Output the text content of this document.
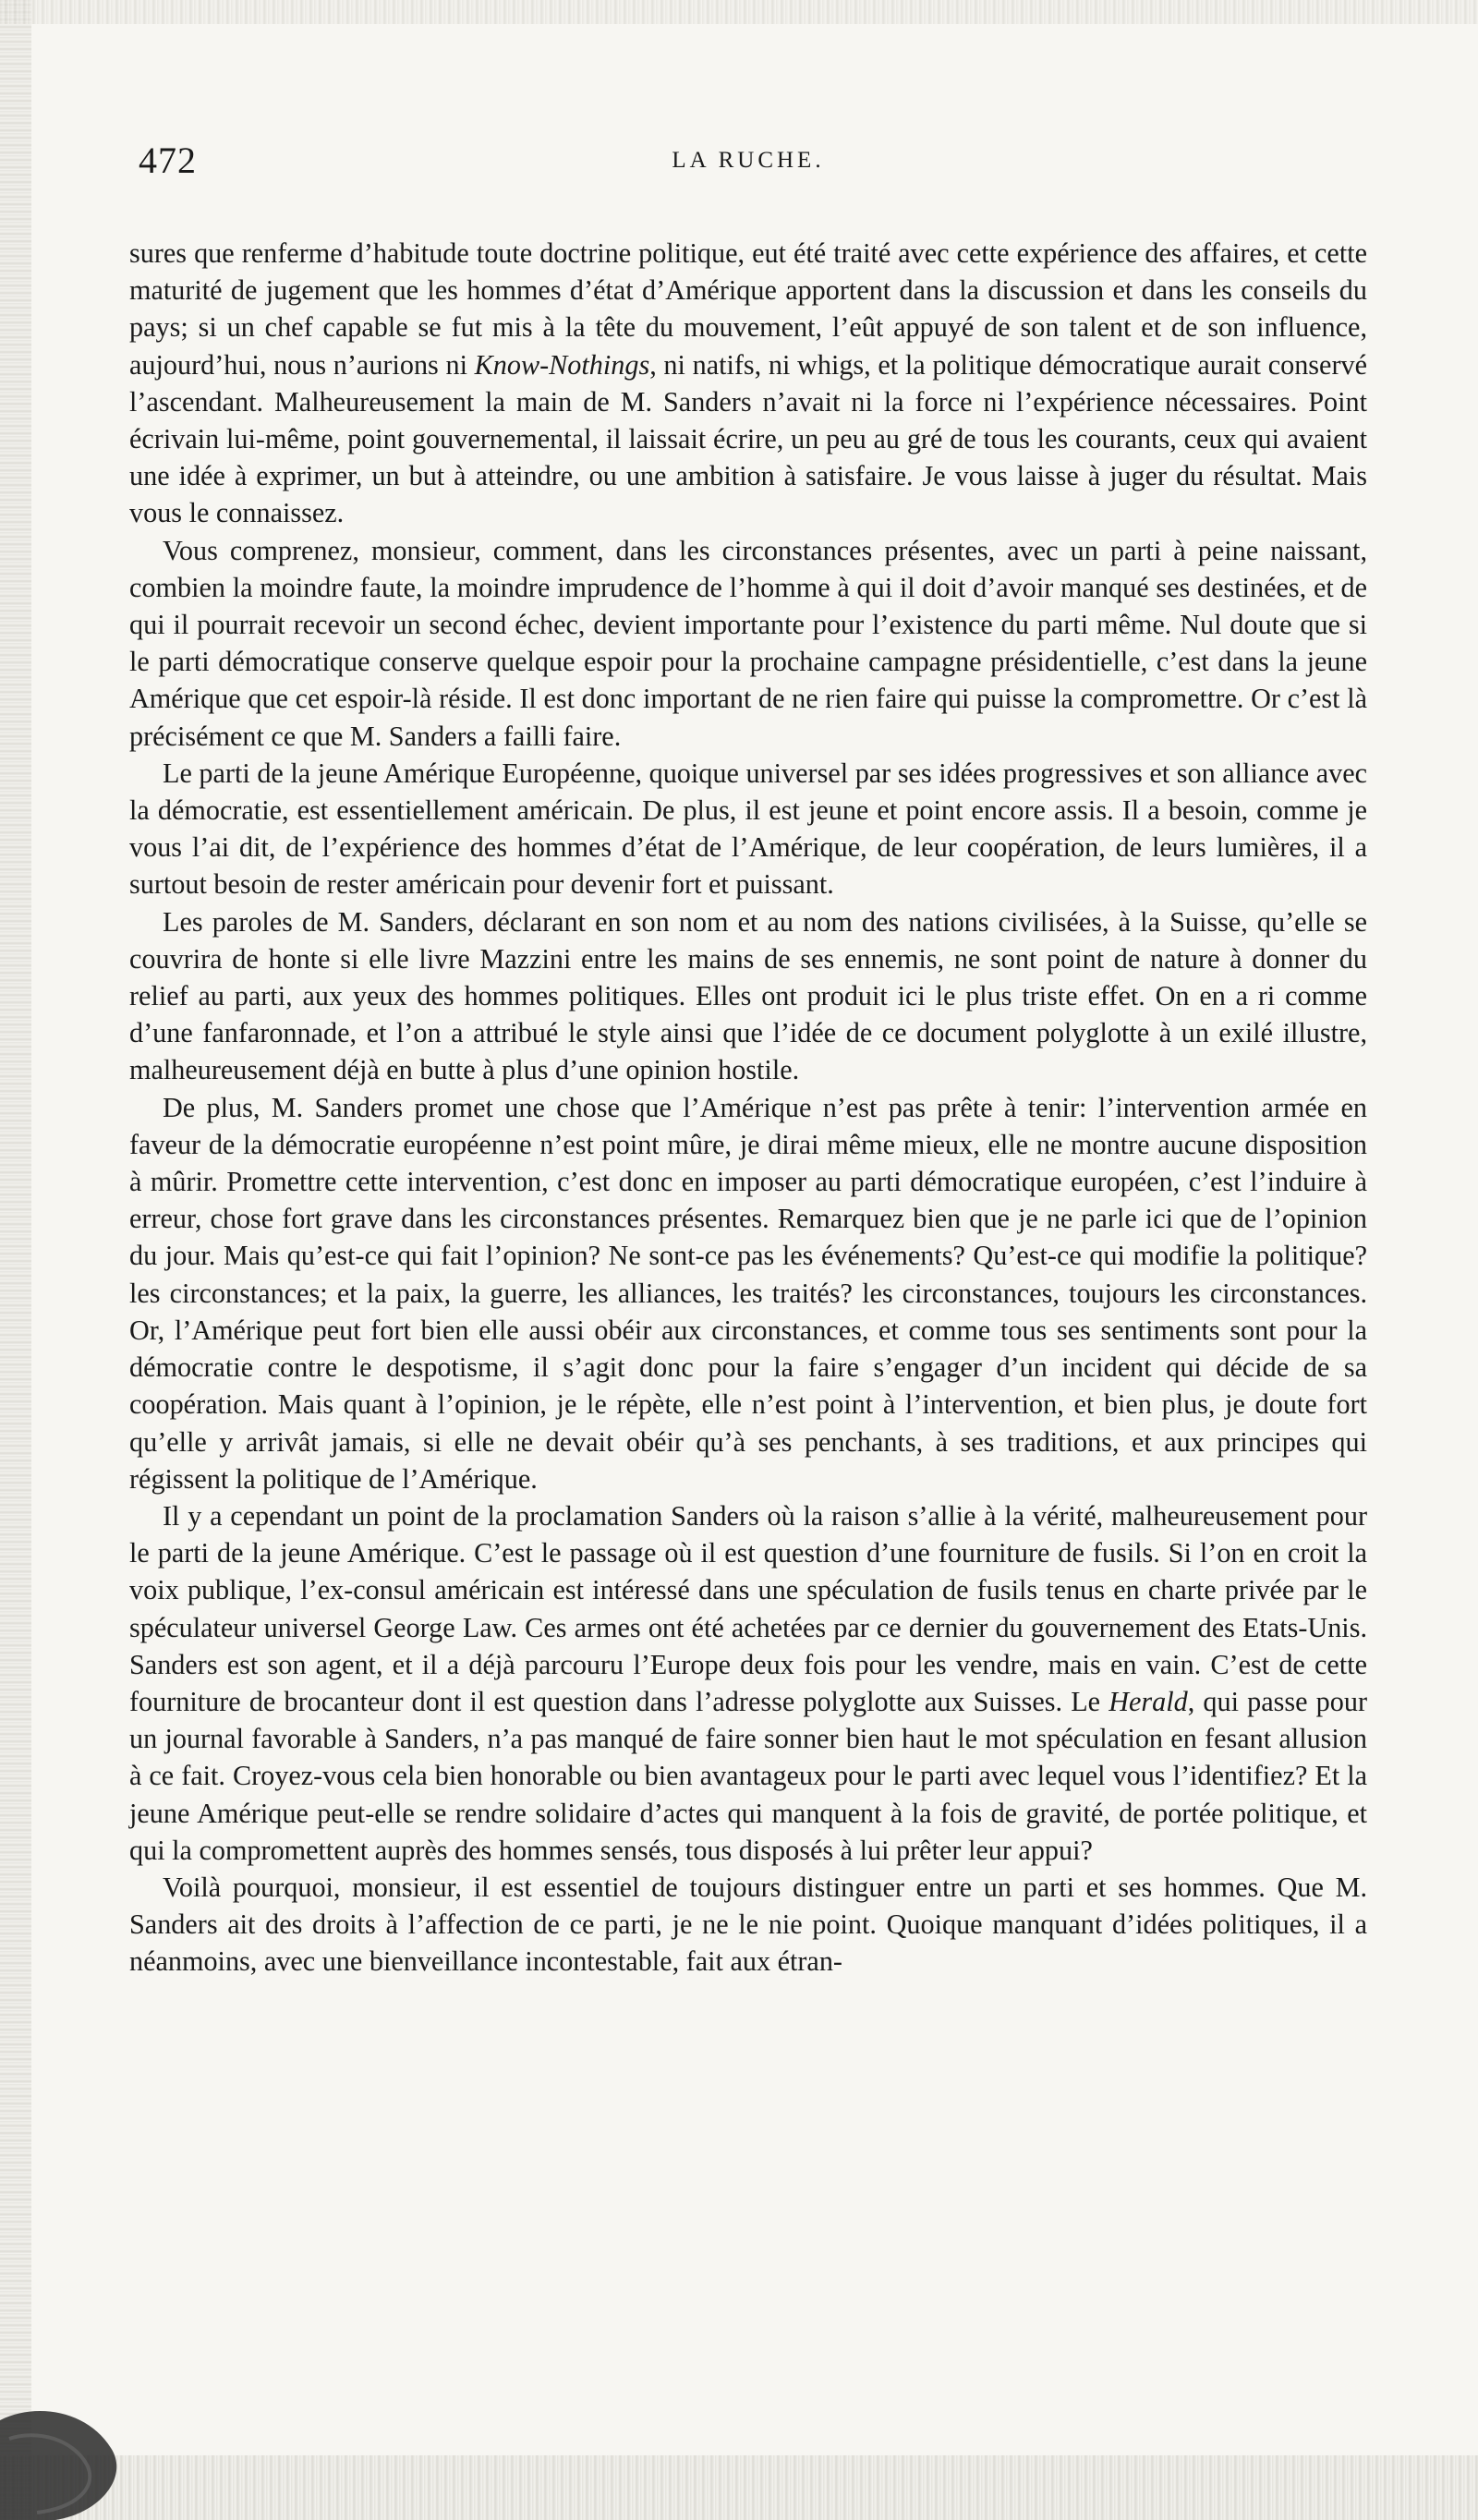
472	LA RUCHE.

sures que renferme d’habitude toute doctrine politique, eut été traité avec cette expérience des affaires, et cette maturité de jugement que les hommes d’état d’Amérique apportent dans la discussion et dans les conseils du pays; si un chef capable se fut mis à la tête du mouvement, l’eût appuyé de son talent et de son influence, aujourd’hui, nous n’aurions ni Know-Nothings, ni natifs, ni whigs, et la politique démocratique aurait conservé l’ascendant. Malheureusement la main de M. Sanders n’avait ni la force ni l’expérience nécessaires. Point écrivain lui-même, point gouvernemental, il laissait écrire, un peu au gré de tous les courants, ceux qui avaient une idée à exprimer, un but à atteindre, ou une ambition à satisfaire. Je vous laisse à juger du résultat. Mais vous le connaissez.

Vous comprenez, monsieur, comment, dans les circonstances présentes, avec un parti à peine naissant, combien la moindre faute, la moindre imprudence de l’homme à qui il doit d’avoir manqué ses destinées, et de qui il pourrait recevoir un second échec, devient importante pour l’existence du parti même. Nul doute que si le parti démocratique conserve quelque espoir pour la prochaine campagne présidentielle, c’est dans la jeune Amérique que cet espoir-là réside. Il est donc important de ne rien faire qui puisse la compromettre. Or c’est là précisément ce que M. Sanders a failli faire.

Le parti de la jeune Amérique Européenne, quoique universel par ses idées progressives et son alliance avec la démocratie, est essentiellement américain. De plus, il est jeune et point encore assis. Il a besoin, comme je vous l’ai dit, de l’expérience des hommes d’état de l’Amérique, de leur coopération, de leurs lumières, il a surtout besoin de rester américain pour devenir fort et puissant.

Les paroles de M. Sanders, déclarant en son nom et au nom des nations civilisées, à la Suisse, qu’elle se couvrira de honte si elle livre Mazzini entre les mains de ses ennemis, ne sont point de nature à donner du relief au parti, aux yeux des hommes politiques. Elles ont produit ici le plus triste effet. On en a ri comme d’une fanfaronnade, et l’on a attribué le style ainsi que l’idée de ce document polyglotte à un exilé illustre, malheureusement déjà en butte à plus d’une opinion hostile.

De plus, M. Sanders promet une chose que l’Amérique n’est pas prête à tenir: l’intervention armée en faveur de la démocratie européenne n’est point mûre, je dirai même mieux, elle ne montre aucune disposition à mûrir. Promettre cette intervention, c’est donc en imposer au parti démocratique européen, c’est l’induire à erreur, chose fort grave dans les circonstances présentes. Remarquez bien que je ne parle ici que de l’opinion du jour. Mais qu’est-ce qui fait l’opinion? Ne sont-ce pas les événements? Qu’est-ce qui modifie la politique? les circonstances; et la paix, la guerre, les alliances, les traités? les circonstances, toujours les circonstances. Or, l’Amérique peut fort bien elle aussi obéir aux circonstances, et comme tous ses sentiments sont pour la démocratie contre le despotisme, il s’agit donc pour la faire s’engager d’un incident qui décide de sa coopération. Mais quant à l’opinion, je le répète, elle n’est point à l’intervention, et bien plus, je doute fort qu’elle y arrivât jamais, si elle ne devait obéir qu’à ses penchants, à ses traditions, et aux principes qui régissent la politique de l’Amérique.

Il y a cependant un point de la proclamation Sanders où la raison s’allie à la vérité, malheureusement pour le parti de la jeune Amérique. C’est le passage où il est question d’une fourniture de fusils. Si l’on en croit la voix publique, l’ex-consul américain est intéressé dans une spéculation de fusils tenus en charte privée par le spéculateur universel George Law. Ces armes ont été achetées par ce dernier du gouvernement des Etats-Unis. Sanders est son agent, et il a déjà parcouru l’Europe deux fois pour les vendre, mais en vain. C’est de cette fourniture de brocanteur dont il est question dans l’adresse polyglotte aux Suisses. Le Herald, qui passe pour un journal favorable à Sanders, n’a pas manqué de faire sonner bien haut le mot spéculation en fesant allusion à ce fait. Croyez-vous cela bien honorable ou bien avantageux pour le parti avec lequel vous l’identifiez? Et la jeune Amérique peut-elle se rendre solidaire d’actes qui manquent à la fois de gravité, de portée politique, et qui la compromettent auprès des hommes sensés, tous disposés à lui prêter leur appui?

Voilà pourquoi, monsieur, il est essentiel de toujours distinguer entre un parti et ses hommes. Que M. Sanders ait des droits à l’affection de ce parti, je ne le nie point. Quoique manquant d’idées politiques, il a néanmoins, avec une bienveillance incontestable, fait aux étran-
